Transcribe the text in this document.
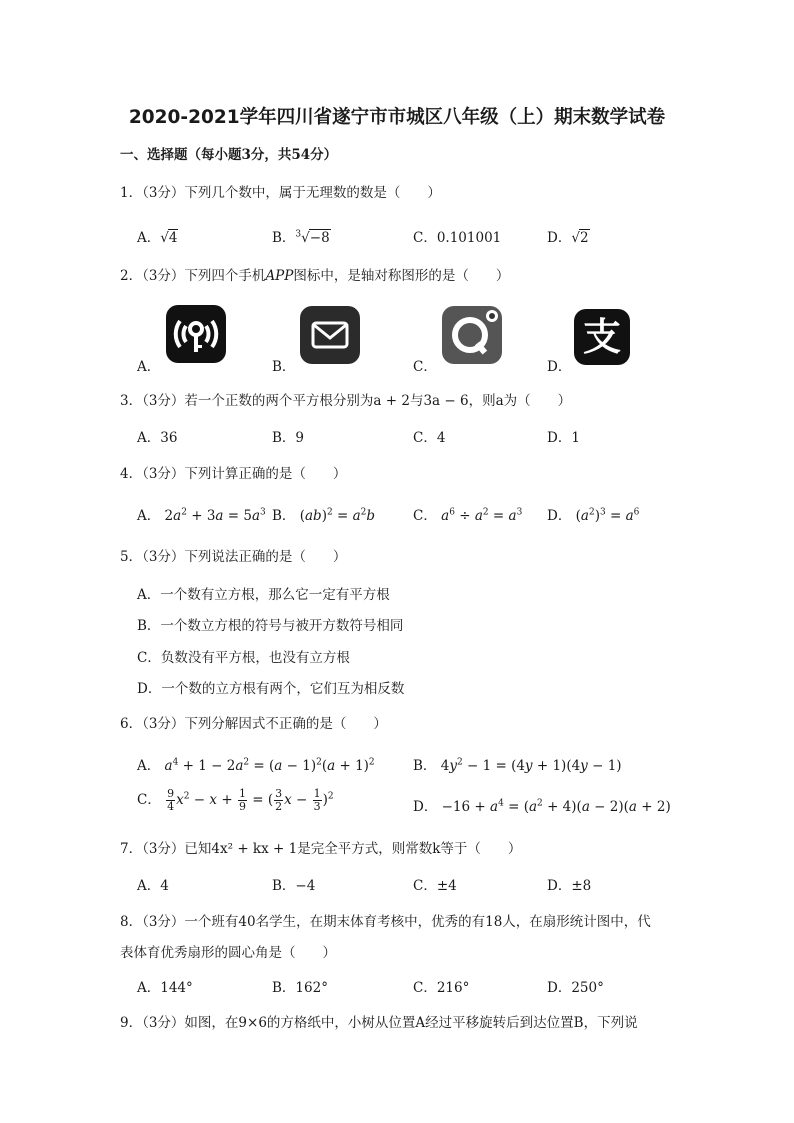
2020-2021学年四川省遂宁市市城区八年级（上）期末数学试卷
一、选择题（每小题3分，共54分）
1．（3分）下列几个数中，属于无理数的数是（　　）
A．√4	B．$^3$√−8	C．0.101001	D．√2
2．（3分）下列四个手机APP图标中，是轴对称图形的是（　　）
A．	B．	C．	D．
支
3．（3分）若一个正数的两个平方根分别为a + 2与3a − 6，则a为（　　）
A．36	B．9	C．4	D．1
4．（3分）下列计算正确的是（　　）
A． $2a^2 + 3a = 5a^3$ B． $(ab)^2 = a^2b$	C． $a^6 \div a^2 = a^3$ D． $(a^2)^3 = a^6$
5．（3分）下列说法正确的是（　　）
A．一个数有立方根，那么它一定有平方根
B．一个数立方根的符号与被开方数符号相同
C．负数没有平方根，也没有立方根
D．一个数的立方根有两个，它们互为相反数
6．（3分）下列分解因式不正确的是（　　）
A． $a^4 + 1 - 2a^2 = (a - 1)^2(a + 1)^2$	B． $4y^2 - 1 = (4y + 1)(4y - 1)$
C． $\frac{9}{4} x^2 - x + \frac{1}{9}$ = ( $\frac{3}{2}$ $x - \frac{1}{3} )^2$
D． $-16 + a^4 = (a^2 + 4)(a - 2)(a + 2)$
7．（3分）已知4x² + kx + 1是完全平方式，则常数k等于（　　）
A．4	B．−4	C．±4	D．±8
8．（3分）一个班有40名学生，在期末体育考核中，优秀的有18人，在扇形统计图中，代
表体育优秀扇形的圆心角是（　　）
A．144°	B．162°	C．216°	D．250°
9．（3分）如图，在9×6的方格纸中，小树从位置A经过平移旋转后到达位置B，下列说
